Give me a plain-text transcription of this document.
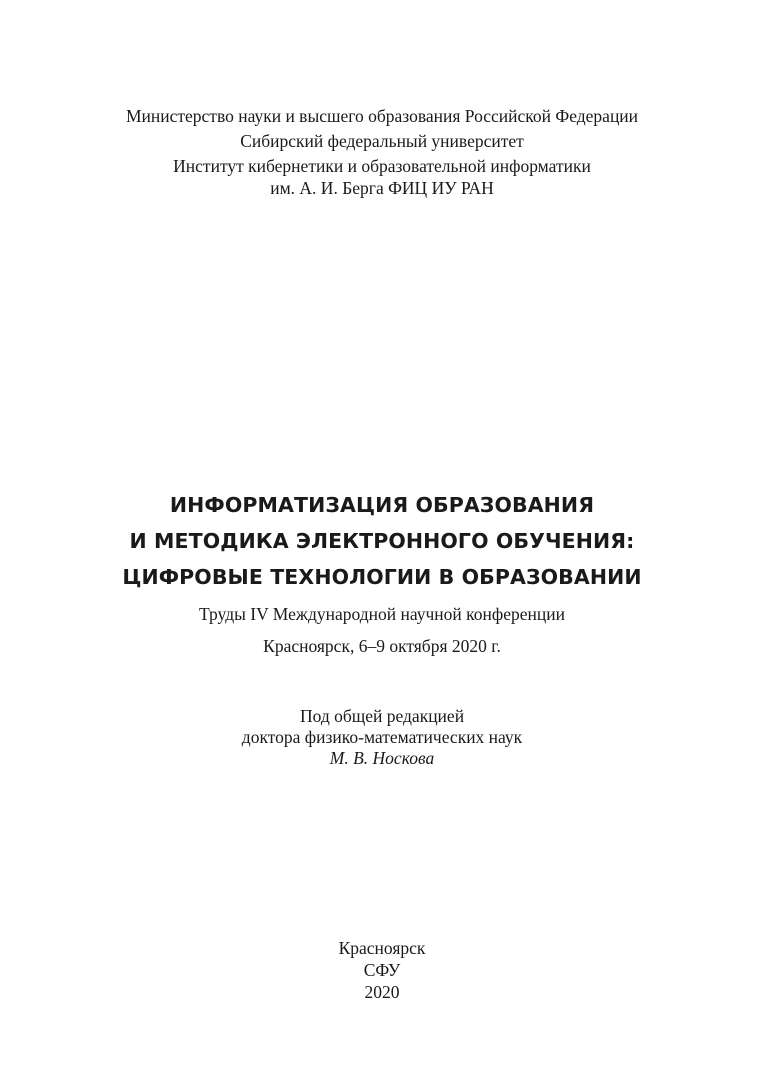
Министерство науки и высшего образования Российской Федерации
Сибирский федеральный университет
Институт кибернетики и образовательной информатики
им. А. И. Берга ФИЦ ИУ РАН
ИНФОРМАТИЗАЦИЯ ОБРАЗОВАНИЯ
И МЕТОДИКА ЭЛЕКТРОННОГО ОБУЧЕНИЯ:
ЦИФРОВЫЕ ТЕХНОЛОГИИ В ОБРАЗОВАНИИ
Труды IV Международной научной конференции
Красноярск, 6–9 октября 2020 г.
Под общей редакцией
доктора физико-математических наук
М. В. Носкова
Красноярск
СФУ
2020
